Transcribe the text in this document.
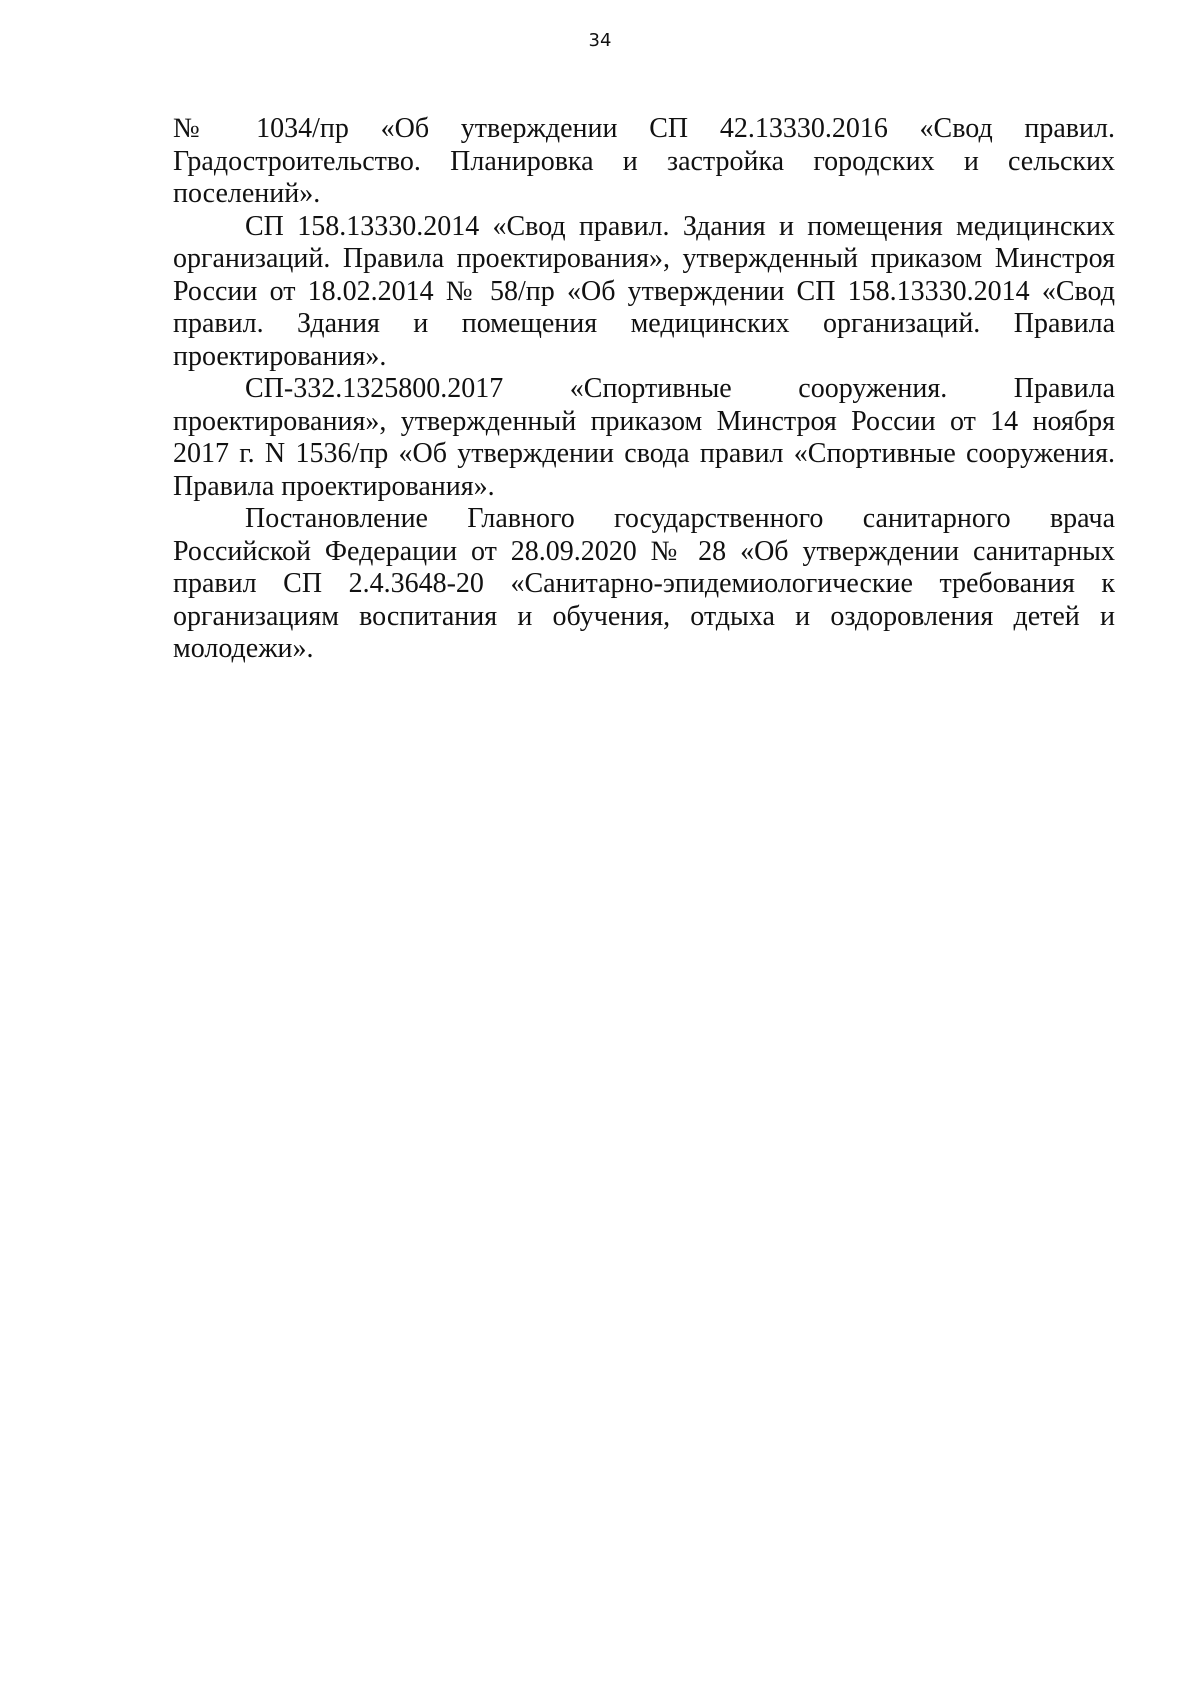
34

№ 1034/пр «Об утверждении СП 42.13330.2016 «Свод правил. Градостроительство. Планировка и застройка городских и сельских поселений».

СП 158.13330.2014 «Свод правил. Здания и помещения медицинских организаций. Правила проектирования», утвержденный приказом Минстроя России от 18.02.2014 № 58/пр «Об утверждении СП 158.13330.2014 «Свод правил. Здания и помещения медицинских организаций. Правила проектирования».

СП-332.1325800.2017 «Спортивные сооружения. Правила проектирования», утвержденный приказом Минстроя России от 14 ноября 2017 г. N 1536/пр «Об утверждении свода правил «Спортивные сооружения. Правила проектирования».

Постановление Главного государственного санитарного врача Российской Федерации от 28.09.2020 № 28 «Об утверждении санитарных правил СП 2.4.3648-20 «Санитарно-эпидемиологические требования к организациям воспитания и обучения, отдыха и оздоровления детей и молодежи».
